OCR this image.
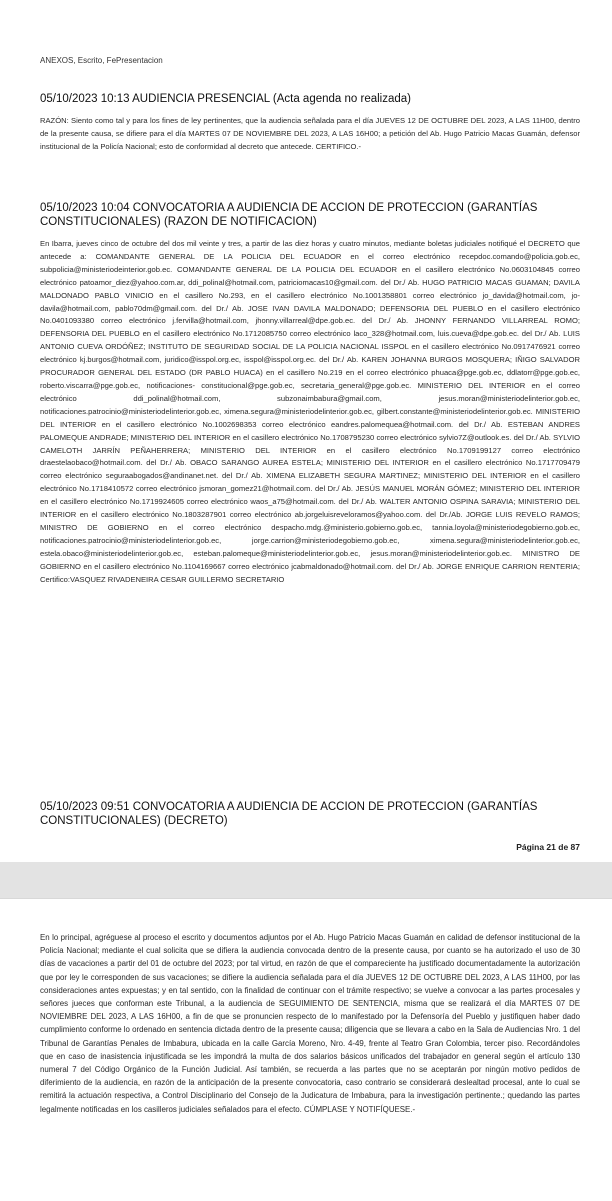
ANEXOS, Escrito, FePresentacion
05/10/2023 10:13 AUDIENCIA PRESENCIAL (Acta agenda no realizada)
RAZÓN: Siento como tal y para los fines de ley pertinentes, que la audiencia señalada para el día JUEVES 12 DE OCTUBRE DEL 2023, A LAS 11H00, dentro de la presente causa, se difiere para el día MARTES 07 DE NOVIEMBRE DEL 2023, A LAS 16H00; a petición del Ab. Hugo Patricio Macas Guamán, defensor institucional de la Policía Nacional; esto de conformidad al decreto que antecede. CERTIFICO.-
05/10/2023 10:04 CONVOCATORIA A AUDIENCIA DE ACCION DE PROTECCION (GARANTÍAS CONSTITUCIONALES) (RAZON DE NOTIFICACION)
En Ibarra, jueves cinco de octubre del dos mil veinte y tres, a partir de las diez horas y cuatro minutos, mediante boletas judiciales notifiqué el DECRETO que antecede a: COMANDANTE GENERAL DE LA POLICIA DEL ECUADOR en el correo electrónico recepdoc.comando@policia.gob.ec, subpolicia@ministeriodeinterior.gob.ec. COMANDANTE GENERAL DE LA POLICIA DEL ECUADOR en el casillero electrónico No.0603104845 correo electrónico patoamor_diez@yahoo.com.ar, ddi_polinal@hotmail.com, patriciomacas10@gmail.com. del Dr./ Ab. HUGO PATRICIO MACAS GUAMAN; DAVILA MALDONADO PABLO VINICIO en el casillero No.293, en el casillero electrónico No.1001358801 correo electrónico jo_davida@hotmail.com, jo-davila@hotmail.com, pablo70dm@gmail.com. del Dr./ Ab. JOSE IVAN DAVILA MALDONADO; DEFENSORIA DEL PUEBLO en el casillero electrónico No.0401093380 correo electrónico j.fervilla@hotmail.com, jhonny.villarreal@dpe.gob.ec. del Dr./ Ab. JHONNY FERNANDO VILLARREAL ROMO; DEFENSORIA DEL PUEBLO en el casillero electrónico No.1712085750 correo electrónico laco_328@hotmail.com, luis.cueva@dpe.gob.ec. del Dr./ Ab. LUIS ANTONIO CUEVA ORDÓÑEZ; INSTITUTO DE SEGURIDAD SOCIAL DE LA POLICIA NACIONAL ISSPOL en el casillero electrónico No.0917476921 correo electrónico kj.burgos@hotmail.com, juridico@isspol.org.ec, isspol@isspol.org.ec. del Dr./ Ab. KAREN JOHANNA BURGOS MOSQUERA; IÑIGO SALVADOR PROCURADOR GENERAL DEL ESTADO (DR PABLO HUACA) en el casillero No.219 en el correo electrónico phuaca@pge.gob.ec, ddlatorr@pge.gob.ec, roberto.viscarra@pge.gob.ec, notificaciones- constitucional@pge.gob.ec, secretaria_general@pge.gob.ec. MINISTERIO DEL INTERIOR en el correo electrónico ddi_polinal@hotmail.com, subzonaimbabura@gmail.com, jesus.moran@ministeriodelinterior.gob.ec, notificaciones.patrocinio@ministeriodelinterior.gob.ec, ximena.segura@ministeriodelinterior.gob.ec, gilbert.constante@ministeriodelinterior.gob.ec. MINISTERIO DEL INTERIOR en el casillero electrónico No.1002698353 correo electrónico eandres.palomequea@hotmail.com. del Dr./ Ab. ESTEBAN ANDRES PALOMEQUE ANDRADE; MINISTERIO DEL INTERIOR en el casillero electrónico No.1708795230 correo electrónico sylvio7Z@outlook.es. del Dr./ Ab. SYLVIO CAMELOTH JARRÍN PEÑAHERRERA; MINISTERIO DEL INTERIOR en el casillero electrónico No.1709199127 correo electrónico draestelaobaco@hotmail.com. del Dr./ Ab. OBACO SARANGO AUREA ESTELA; MINISTERIO DEL INTERIOR en el casillero electrónico No.1717709479 correo electrónico seguraabogados@andinanet.net. del Dr./ Ab. XIMENA ELIZABETH SEGURA MARTINEZ; MINISTERIO DEL INTERIOR en el casillero electrónico No.1718410572 correo electrónico jsmoran_gomez21@hotmail.com. del Dr./ Ab. JESÚS MANUEL MORÁN GÓMEZ; MINISTERIO DEL INTERIOR en el casillero electrónico No.1719924605 correo electrónico waos_a75@hotmail.com. del Dr./ Ab. WALTER ANTONIO OSPINA SARAVIA; MINISTERIO DEL INTERIOR en el casillero electrónico No.1803287901 correo electrónico ab.jorgeluisreveloramos@yahoo.com. del Dr./Ab. JORGE LUIS REVELO RAMOS; MINISTRO DE GOBIERNO en el correo electrónico despacho.mdg.@ministerio.gobierno.gob.ec, tannia.loyola@ministeriodegobierno.gob.ec, notificaciones.patrocinio@ministeriodelinterior.gob.ec, jorge.carrion@ministeriodegobierno.gob.ec, ximena.segura@ministeriodelinterior.gob.ec, estela.obaco@ministeriodelinterior.gob.ec, esteban.palomeque@ministeriodelinterior.gob.ec, jesus.moran@ministeriodelinterior.gob.ec. MINISTRO DE GOBIERNO en el casillero electrónico No.1104169667 correo electrónico jcabmaldonado@hotmail.com. del Dr./ Ab. JORGE ENRIQUE CARRION RENTERIA; Certifico:VASQUEZ RIVADENEIRA CESAR GUILLERMO SECRETARIO
05/10/2023 09:51 CONVOCATORIA A AUDIENCIA DE ACCION DE PROTECCION (GARANTÍAS CONSTITUCIONALES) (DECRETO)
Página 21 de 87
En lo principal, agréguese al proceso el escrito y documentos adjuntos por el Ab. Hugo Patricio Macas Guamán en calidad de defensor institucional de la Policía Nacional; mediante el cual solicita que se difiera la audiencia convocada dentro de la presente causa, por cuanto se ha autorizado el uso de 30 días de vacaciones a partir del 01 de octubre del 2023; por tal virtud, en razón de que el compareciente ha justificado documentadamente la autorización que por ley le corresponden de sus vacaciones; se difiere la audiencia señalada para el día JUEVES 12 DE OCTUBRE DEL 2023, A LAS 11H00, por las consideraciones antes expuestas; y en tal sentido, con la finalidad de continuar con el trámite respectivo; se vuelve a convocar a las partes procesales y señores jueces que conforman este Tribunal, a la audiencia de SEGUIMIENTO DE SENTENCIA, misma que se realizará el día MARTES 07 DE NOVIEMBRE DEL 2023, A LAS 16H00, a fin de que se pronuncien respecto de lo manifestado por la Defensoría del Pueblo y justifiquen haber dado cumplimiento conforme lo ordenado en sentencia dictada dentro de la presente causa; diligencia que se llevara a cabo en la Sala de Audiencias Nro. 1 del Tribunal de Garantías Penales de Imbabura, ubicada en la calle García Moreno, Nro. 4-49, frente al Teatro Gran Colombia, tercer piso. Recordándoles que en caso de inasistencia injustificada se les impondrá la multa de dos salarios básicos unificados del trabajador en general según el artículo 130 numeral 7 del Código Orgánico de la Función Judicial. Así también, se recuerda a las partes que no se aceptarán por ningún motivo pedidos de diferimiento de la audiencia, en razón de la anticipación de la presente convocatoria, caso contrario se considerará deslealtad procesal, ante lo cual se remitirá la actuación respectiva, a Control Disciplinario del Consejo de la Judicatura de Imbabura, para la investigación pertinente.; quedando las partes legalmente notificadas en los casilleros judiciales señalados para el efecto. CÚMPLASE Y NOTIFÍQUESE.-
